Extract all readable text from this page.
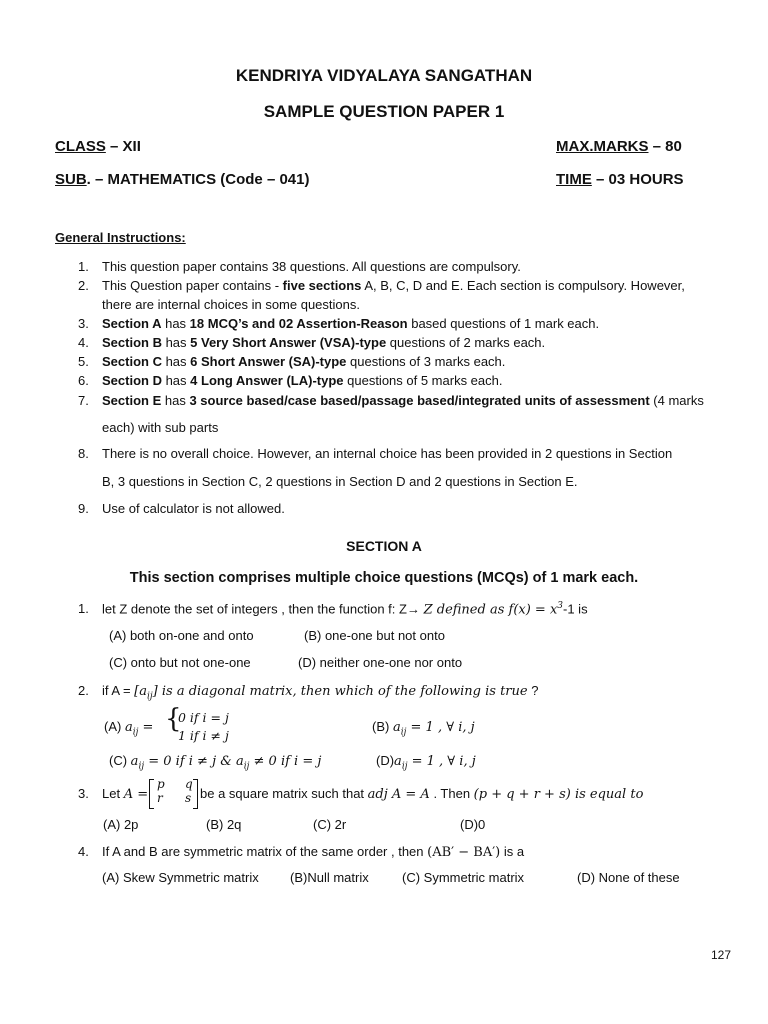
KENDRIYA VIDYALAYA SANGATHAN
SAMPLE QUESTION PAPER 1
CLASS – XII	MAX.MARKS – 80
SUB. – MATHEMATICS (Code – 041)	TIME – 03 HOURS
General Instructions:
1. This question paper contains 38 questions. All questions are compulsory.
2. This Question paper contains - five sections A, B, C, D and E. Each section is compulsory. However,
there are internal choices in some questions.
3. Section A has 18 MCQ’s and 02 Assertion-Reason based questions of 1 mark each.
4. Section B has 5 Very Short Answer (VSA)-type questions of 2 marks each.
5. Section C has 6 Short Answer (SA)-type questions of 3 marks each.
6. Section D has 4 Long Answer (LA)-type questions of 5 marks each.
7. Section E has 3 source based/case based/passage based/integrated units of assessment (4 marks
each) with sub parts
8. There is no overall choice. However, an internal choice has been provided in 2 questions in Section
B, 3 questions in Section C, 2 questions in Section D and 2 questions in Section E.
9. Use of calculator is not allowed.
SECTION A
This section comprises multiple choice questions (MCQs) of 1 mark each.
1. let Z denote the set of integers , then the function f: Z→ Z defined as $f(x) = x^3-1$ is
(A) both on-one and onto	(B) one-one but not onto
(C) onto but not one-one	(D) neither one-one nor onto
2. if $A = [a_{ij}]$ is a diagonal matrix, then which of the following is true ?
(A) $a_{ij}$ = {
0 if i = j
1 if i ≠ j
(B) $a_{ij} = 1$ , ∀ i, j
(C) $a_{ij} = 0$ if i ≠ j & $a_{ij} \ne 0$ if i = j	$(D)a_{ij} = 1$ , ∀ i, j
3. Let A =
p q
r s be a square matrix such that adj A = A . Then (p + q + r + s) is equal to
(A) 2p	(B) 2q	(C) 2r	(D)0
4. If A and B are symmetric matrix of the same order , then (AB′ − BA′) is a
(A) Skew Symmetric matrix (B)Null matrix	(C) Symmetric matrix	(D) None of these
127
